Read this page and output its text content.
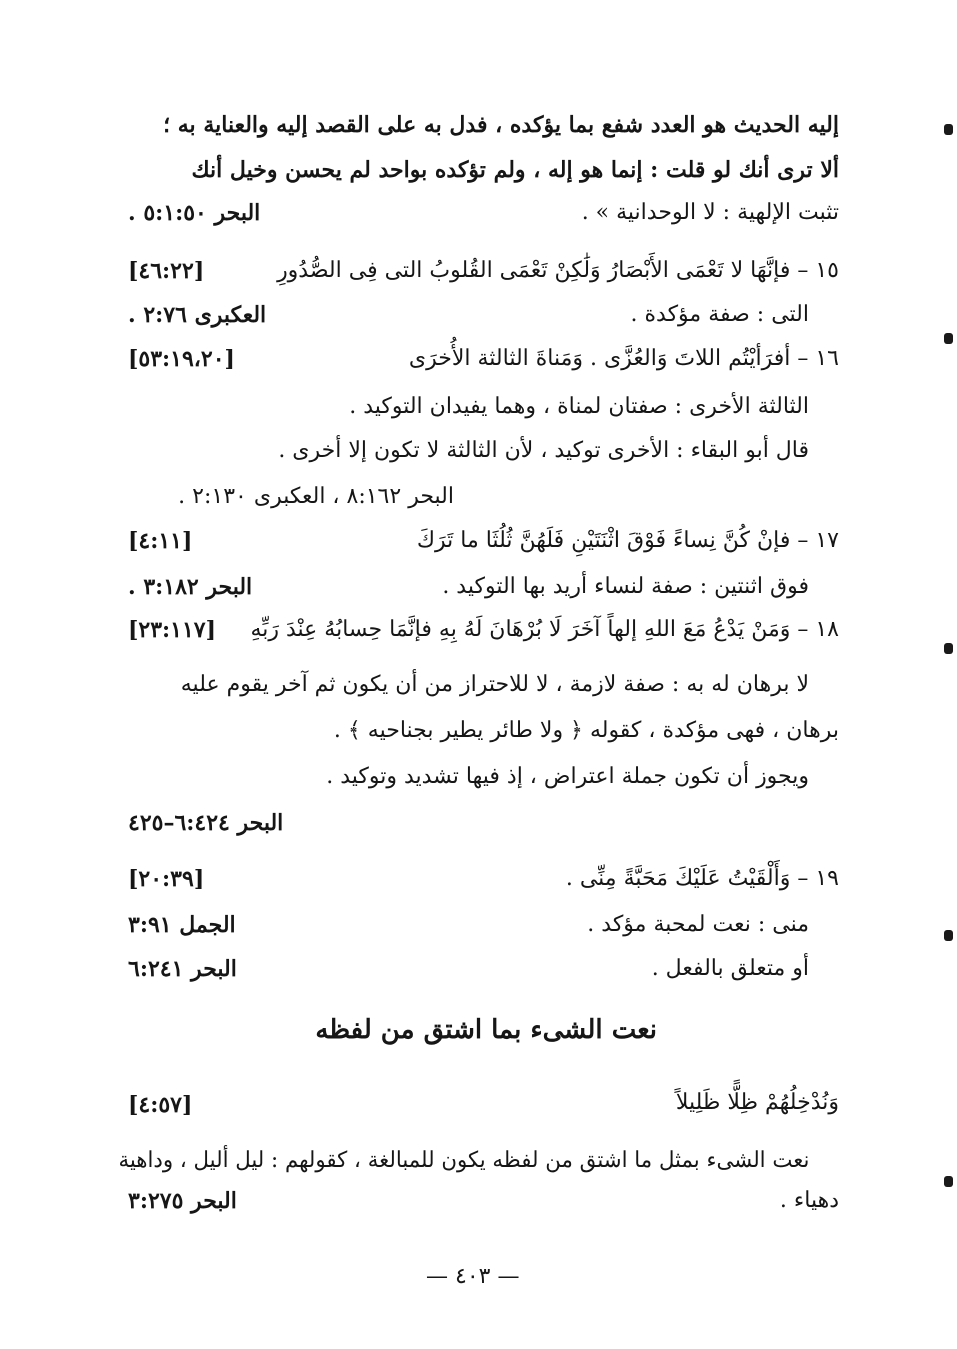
إليه الحديث هو العدد شفع بما يؤكده ، فدل به على القصد إليه والعناية به ؛
ألا ترى أنك لو قلت : إنما هو إله ، ولم تؤكده بواحد لم يحسن وخيل أنك
تثبت الإلهية : لا الوحدانية » .
البحر ٥:١:٥٠ .
١٥ – فإنَّهَا لا تَعْمَى الأَبْصَارُ وَلَٰكِنْ تَعْمَى القُلوبُ التى فِى الصُّدُورِ
[٤٦:٢٢]
التى : صفة مؤكدة .
العكبرى ٢:٧٦ .
١٦ – أفرَأيْتُم اللاتَ وَالعُزَّى . وَمَناةَ الثالثة الأُخرَى
[٥٣:١٩،٢٠]
الثالثة الأخرى : صفتان لمناة ، وهما يفيدان التوكيد .
قال أبو البقاء : الأخرى توكيد ، لأن الثالثة لا تكون إلا أخرى .
البحر ٨:١٦٢ ، العكبرى ٢:١٣٠ .
١٧ – فإنْ كُنَّ نِساءً فَوْقَ اثْنَتَيْنِ فَلَهُنَّ ثُلُثَا ما تَرَكَ
[٤:١١]
فوق اثنتين : صفة لنساء أريد بها التوكيد .
البحر ٣:١٨٢ .
١٨ – وَمَنْ يَدْعُ مَعَ اللهِ إلهاً آخَرَ لَا بُرْهَانَ لَهُ بِهِ فإنَّمَا حِسابُهُ عِنْدَ رَبِّهِ
[٢٣:١١٧]
لا برهان له به : صفة لازمة ، لا للاحتراز من أن يكون ثم آخر يقوم عليه
برهان ، فهى مؤكدة ، كقوله ﴿ ولا طائر يطير بجناحيه ﴾ .
ويجوز أن تكون جملة اعتراض ، إذ فيها تشديد وتوكيد .
البحر ٦:٤٢٤–٤٢٥
١٩ – وَأَلْقَيْتُ عَلَيْكَ مَحَبَّةً مِنِّى .
[٢٠:٣٩]
منى : نعت لمحبة مؤكد .
الجمل ٣:٩١
أو متعلق بالفعل .
البحر ٦:٢٤١
نعت الشىء بما اشتق من لفظه
وَنُدْخِلُهُمْ ظِلًّا ظَلِيلاً
[٤:٥٧]
نعت الشىء بمثل ما اشتق من لفظه يكون للمبالغة ، كقولهم : ليل أليل ، وداهية
دهياء .
البحر ٣:٢٧٥
— ٤٠٣ —
